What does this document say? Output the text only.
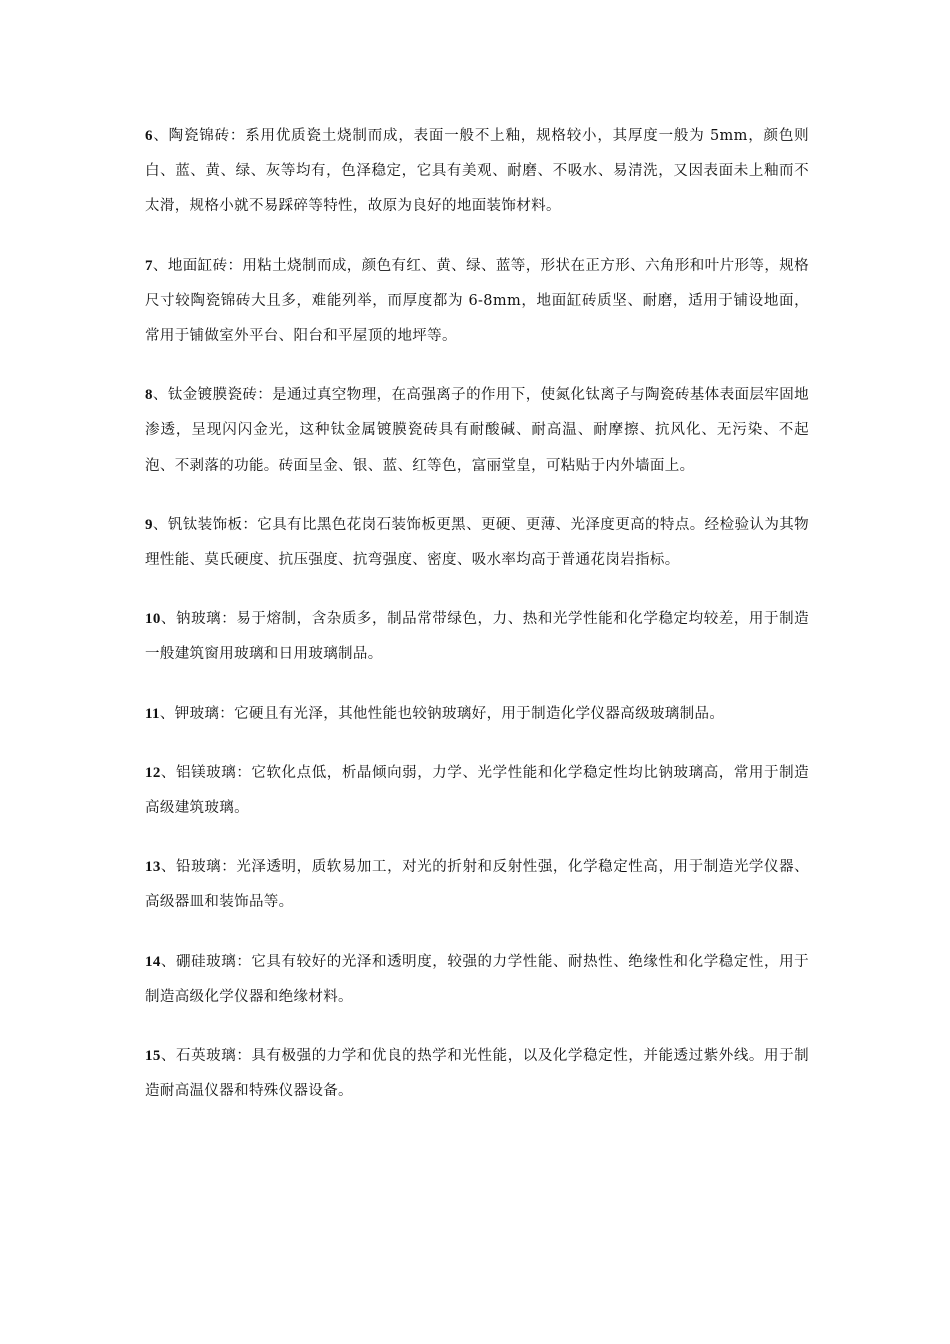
6、陶瓷锦砖：系用优质瓷土烧制而成，表面一般不上釉，规格较小，其厚度一般为 5mm，颜色则白、蓝、黄、绿、灰等均有，色泽稳定，它具有美观、耐磨、不吸水、易清洗，又因表面未上釉而不太滑，规格小就不易踩碎等特性，故原为良好的地面装饰材料。

7、地面缸砖：用粘土烧制而成，颜色有红、黄、绿、蓝等，形状在正方形、六角形和叶片形等，规格尺寸较陶瓷锦砖大且多，难能列举，而厚度都为 6-8mm，地面缸砖质坚、耐磨，适用于铺设地面，常用于铺做室外平台、阳台和平屋顶的地坪等。

8、钛金镀膜瓷砖：是通过真空物理，在高强离子的作用下，使氮化钛离子与陶瓷砖基体表面层牢固地渗透，呈现闪闪金光，这种钛金属镀膜瓷砖具有耐酸碱、耐高温、耐摩擦、抗风化、无污染、不起泡、不剥落的功能。砖面呈金、银、蓝、红等色，富丽堂皇，可粘贴于内外墙面上。

9、钒钛装饰板：它具有比黑色花岗石装饰板更黑、更硬、更薄、光泽度更高的特点。经检验认为其物理性能、莫氏硬度、抗压强度、抗弯强度、密度、吸水率均高于普通花岗岩指标。

10、钠玻璃：易于熔制，含杂质多，制品常带绿色，力、热和光学性能和化学稳定均较差，用于制造一般建筑窗用玻璃和日用玻璃制品。

11、钾玻璃：它硬且有光泽，其他性能也较钠玻璃好，用于制造化学仪器高级玻璃制品。

12、铝镁玻璃：它软化点低，析晶倾向弱，力学、光学性能和化学稳定性均比钠玻璃高，常用于制造高级建筑玻璃。

13、铅玻璃：光泽透明，质软易加工，对光的折射和反射性强，化学稳定性高，用于制造光学仪器、高级器皿和装饰品等。

14、硼硅玻璃：它具有较好的光泽和透明度，较强的力学性能、耐热性、绝缘性和化学稳定性，用于制造高级化学仪器和绝缘材料。

15、石英玻璃：具有极强的力学和优良的热学和光性能，以及化学稳定性，并能透过紫外线。用于制造耐高温仪器和特殊仪器设备。
